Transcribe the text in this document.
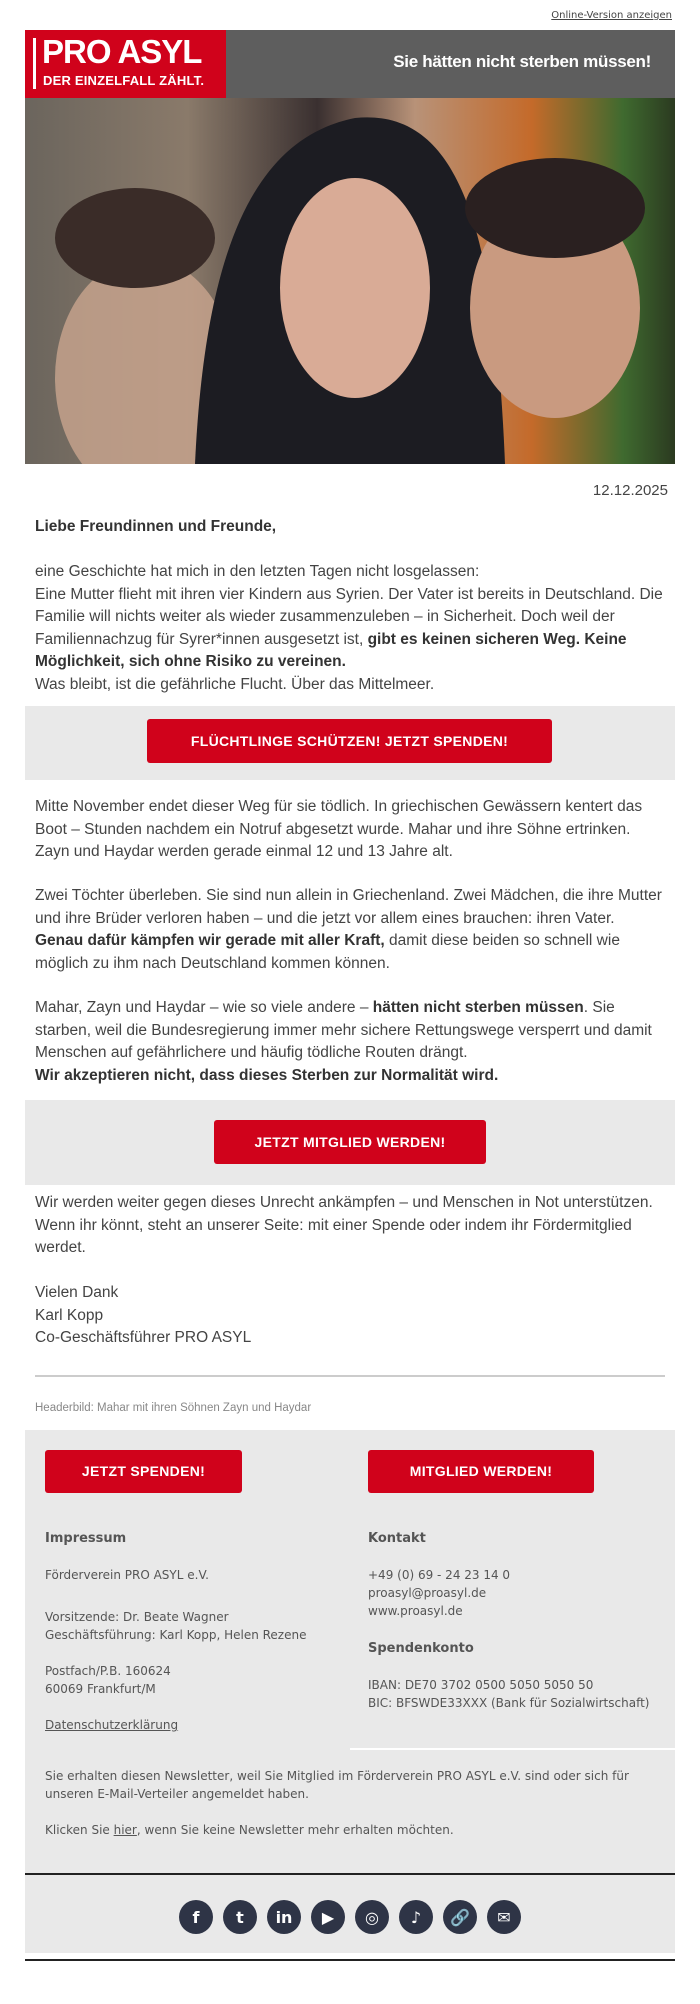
Online-Version anzeigen
PRO ASYL
DER EINZELFALL ZÄHLT.
Sie hätten nicht sterben müssen!
12.12.2025
Liebe Freundinnen und Freunde,
eine Geschichte hat mich in den letzten Tagen nicht losgelassen:
Eine Mutter flieht mit ihren vier Kindern aus Syrien. Der Vater ist bereits in Deutschland. Die Familie will nichts weiter als wieder zusammenzuleben – in Sicherheit. Doch weil der Familiennachzug für Syrer*innen ausgesetzt ist, gibt es keinen sicheren Weg. Keine Möglichkeit, sich ohne Risiko zu vereinen.
Was bleibt, ist die gefährliche Flucht. Über das Mittelmeer.
FLÜCHTLINGE SCHÜTZEN! JETZT SPENDEN!
Mitte November endet dieser Weg für sie tödlich. In griechischen Gewässern kentert das Boot – Stunden nachdem ein Notruf abgesetzt wurde. Mahar und ihre Söhne ertrinken. Zayn und Haydar werden gerade einmal 12 und 13 Jahre alt.
Zwei Töchter überleben. Sie sind nun allein in Griechenland. Zwei Mädchen, die ihre Mutter und ihre Brüder verloren haben – und die jetzt vor allem eines brauchen: ihren Vater. Genau dafür kämpfen wir gerade mit aller Kraft, damit diese beiden so schnell wie möglich zu ihm nach Deutschland kommen können.
Mahar, Zayn und Haydar – wie so viele andere – hätten nicht sterben müssen. Sie starben, weil die Bundesregierung immer mehr sichere Rettungswege versperrt und damit Menschen auf gefährlichere und häufig tödliche Routen drängt.
Wir akzeptieren nicht, dass dieses Sterben zur Normalität wird.
JETZT MITGLIED WERDEN!
Wir werden weiter gegen dieses Unrecht ankämpfen – und Menschen in Not unterstützen. Wenn ihr könnt, steht an unserer Seite: mit einer Spende oder indem ihr Fördermitglied werdet.
Vielen Dank
Karl Kopp
Co-Geschäftsführer PRO ASYL
Headerbild: Mahar mit ihren Söhnen Zayn und Haydar
JETZT SPENDEN!	MITGLIED WERDEN!
Impressum

Förderverein PRO ASYL e.V.

Vorsitzende: Dr. Beate Wagner

Geschäftsführung: Karl Kopp, Helen Rezene

Postfach/P.B. 160624

60069 Frankfurt/M

Datenschutzerklärung

Kontakt

+49 (0) 69 - 24 23 14 0

proasyl@proasyl.de

www.proasyl.de

Spendenkonto

IBAN: DE70 3702 0500 5050 5050 50

BIC: BFSWDE33XXX (Bank für Sozialwirtschaft)

Sie erhalten diesen Newsletter, weil Sie Mitglied im Förderverein PRO ASYL e.V. sind oder sich für unseren E-Mail-Verteiler angemeldet haben.

Klicken Sie hier, wenn Sie keine Newsletter mehr erhalten möchten.

f	t	in	▶	◎	♪	🔗	✉
